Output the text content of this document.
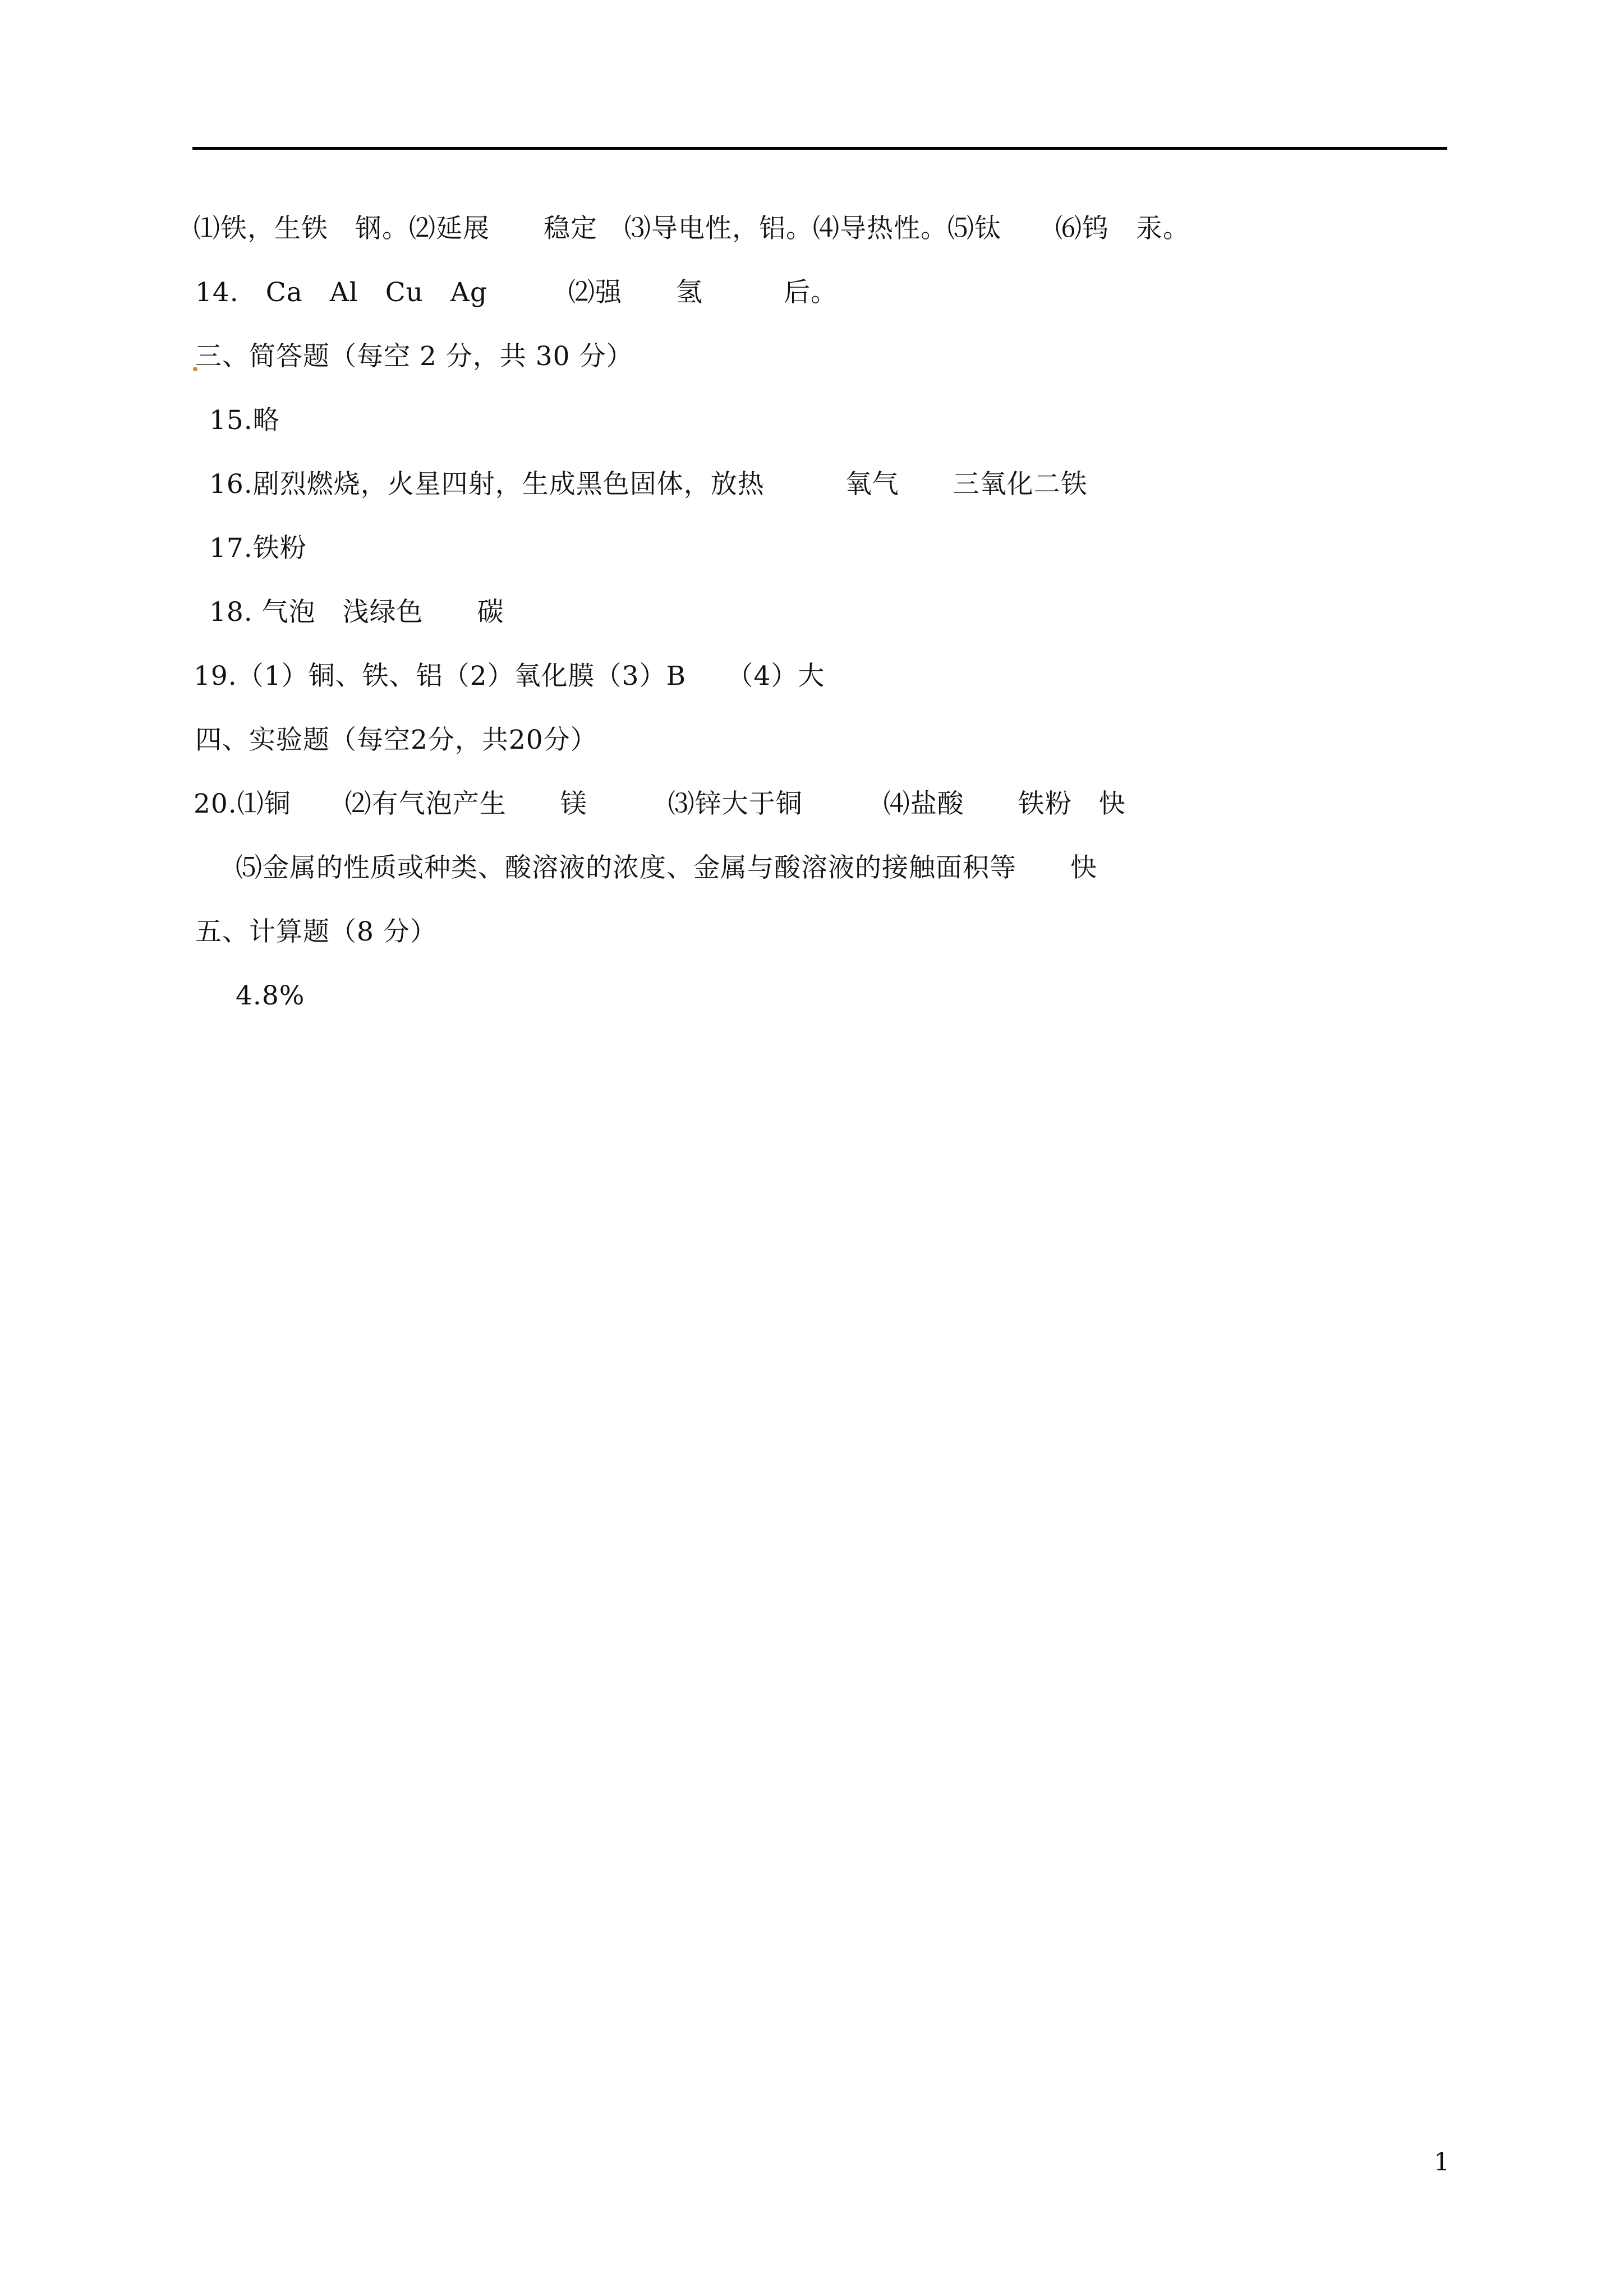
⑴铁，生铁　钢。⑵延展　　稳定　⑶导电性，铝。⑷导热性。⑸钛　　⑹钨　汞。
14.　Ca　Al　Cu　Ag　　　⑵强　　氢　　　后。
三、简答题（每空 2 分，共 30 分）
15.略
16.剧烈燃烧，火星四射，生成黑色固体，放热　　　氧气　　三氧化二铁
17.铁粉
18. 气泡　浅绿色　　碳
19.（1）铜、铁、铝（2）氧化膜（3）B　　（4）大
四、实验题（每空2分，共20分）
20.⑴铜　　⑵有气泡产生　　镁　　　⑶锌大于铜　　　⑷盐酸　　铁粉　快
⑸金属的性质或种类、酸溶液的浓度、金属与酸溶液的接触面积等　　快
五、计算题（8 分）
4.8%
1
